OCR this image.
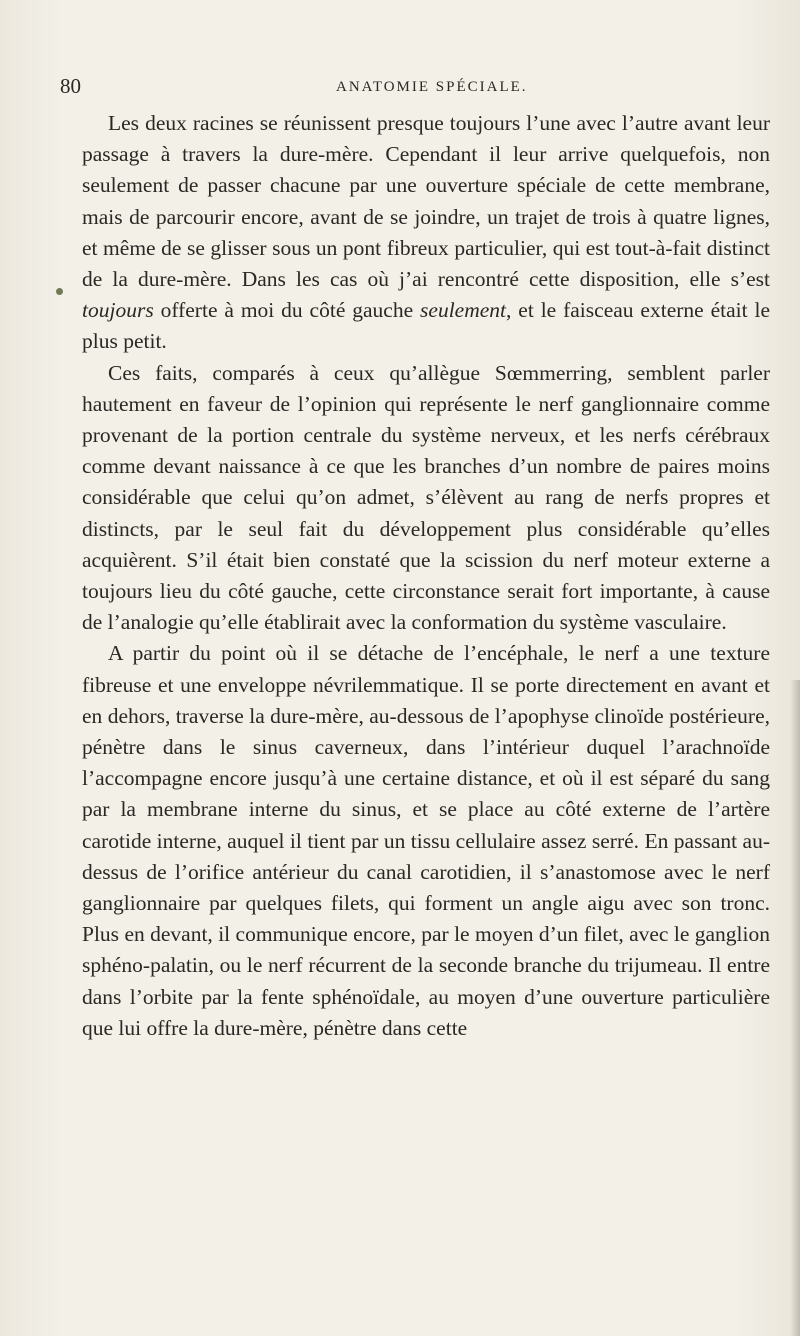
80	ANATOMIE SPÉCIALE.

Les deux racines se réunissent presque toujours l’une avec l’autre avant leur passage à travers la dure-mère. Cependant il leur arrive quelquefois, non seulement de passer chacune par une ouverture spéciale de cette membrane, mais de parcourir encore, avant de se joindre, un trajet de trois à quatre lignes, et même de se glisser sous un pont fibreux particulier, qui est tout-à-fait distinct de la dure-mère. Dans les cas où j’ai rencontré cette disposition, elle s’est toujours offerte à moi du côté gauche seulement, et le faisceau externe était le plus petit.

Ces faits, comparés à ceux qu’allègue Sœmmerring, semblent parler hautement en faveur de l’opinion qui représente le nerf ganglionnaire comme provenant de la portion centrale du système nerveux, et les nerfs cérébraux comme devant naissance à ce que les branches d’un nombre de paires moins considérable que celui qu’on admet, s’élèvent au rang de nerfs propres et distincts, par le seul fait du développement plus considérable qu’elles acquièrent. S’il était bien constaté que la scission du nerf moteur externe a toujours lieu du côté gauche, cette circonstance serait fort importante, à cause de l’analogie qu’elle établirait avec la conformation du système vasculaire.

A partir du point où il se détache de l’encéphale, le nerf a une texture fibreuse et une enveloppe névrilemmatique. Il se porte directement en avant et en dehors, traverse la dure-mère, au-dessous de l’apophyse clinoïde postérieure, pénètre dans le sinus caverneux, dans l’intérieur duquel l’arachnoïde l’accompagne encore jusqu’à une certaine distance, et où il est séparé du sang par la membrane interne du sinus, et se place au côté externe de l’artère carotide interne, auquel il tient par un tissu cellulaire assez serré. En passant au-dessus de l’orifice antérieur du canal carotidien, il s’anastomose avec le nerf ganglionnaire par quelques filets, qui forment un angle aigu avec son tronc. Plus en devant, il communique encore, par le moyen d’un filet, avec le ganglion sphéno-palatin, ou le nerf récurrent de la seconde branche du trijumeau. Il entre dans l’orbite par la fente sphénoïdale, au moyen d’une ouverture particulière que lui offre la dure-mère, pénètre dans cette
